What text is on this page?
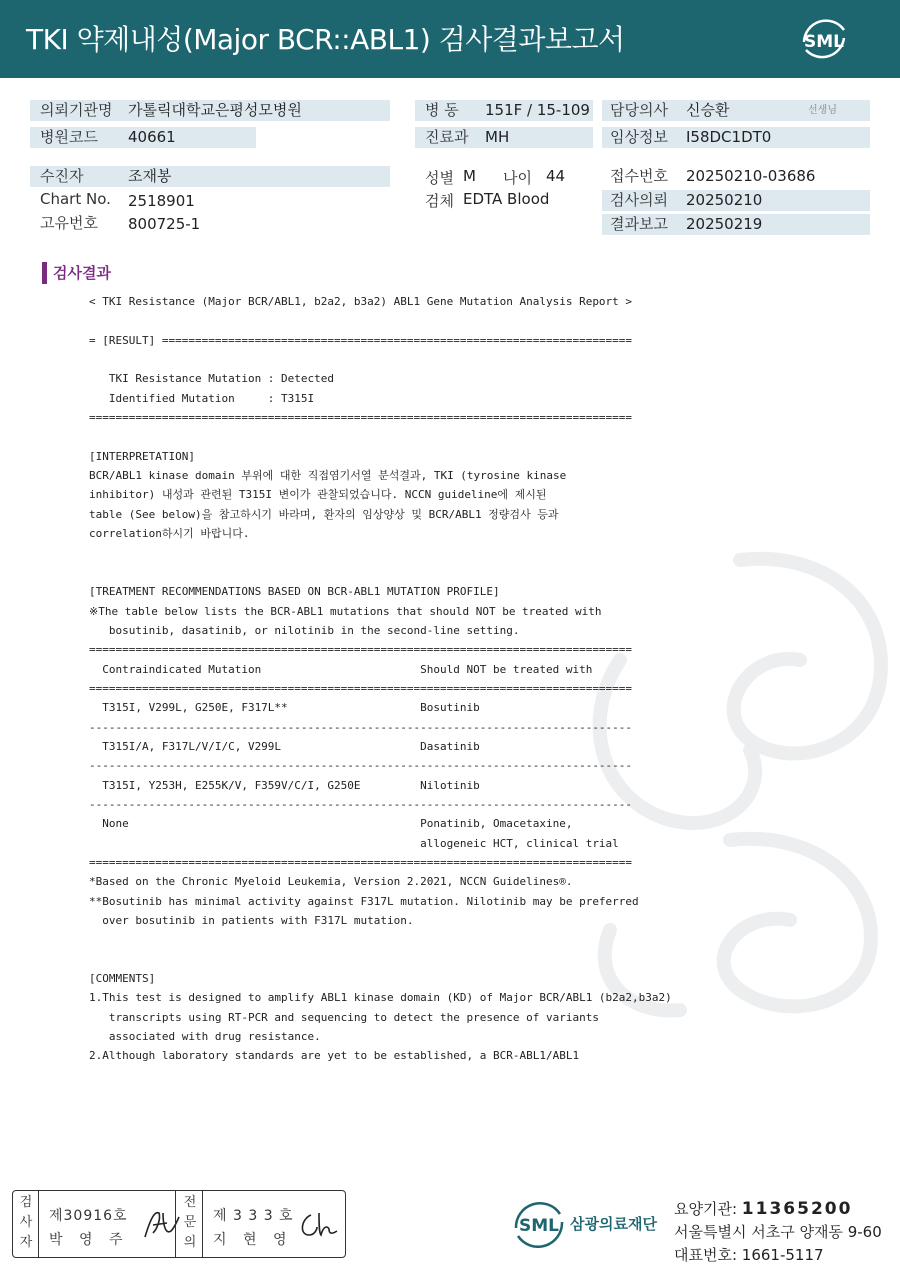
TKI 약제내성(Major BCR::ABL1) 검사결과보고서	SML
의뢰기관명 가톨릭대학교은평성모병원
병원코드 40661
병 동 151F / 15-109
진료과 MH
담당의사 신승환	선생님
임상정보 I58DC1DT0
수진자	조재봉
Chart No. 2518901
고유번호 800725-1
성별 M 나이 44
검체 EDTA Blood
접수번호 20250210-03686
검사의뢰 20250210
결과보고 20250219
검사결과
< TKI Resistance (Major BCR/ABL1, b2a2, b3a2) ABL1 Gene Mutation Analysis Report >

= [RESULT] =======================================================================

TKI Resistance Mutation : Detected
Identified Mutation     : T315I
==================================================================================

[INTERPRETATION]
BCR/ABL1 kinase domain 부위에 대한 직접염기서열 분석결과, TKI (tyrosine kinase
inhibitor) 내성과 관련된 T315I 변이가 관찰되었습니다. NCCN guideline에 제시된
table (See below)을 참고하시기 바라며, 환자의 임상양상 및 BCR/ABL1 정량검사 등과
correlation하시기 바랍니다.

[TREATMENT RECOMMENDATIONS BASED ON BCR-ABL1 MUTATION PROFILE]
※The table below lists the BCR-ABL1 mutations that should NOT be treated with
bosutinib, dasatinib, or nilotinib in the second-line setting.
==================================================================================
Contraindicated Mutation                        Should NOT be treated with
==================================================================================
T315I, V299L, G250E, F317L**                    Bosutinib
----------------------------------------------------------------------------------
T315I/A, F317L/V/I/C, V299L                     Dasatinib
----------------------------------------------------------------------------------
T315I, Y253H, E255K/V, F359V/C/I, G250E         Nilotinib
----------------------------------------------------------------------------------
None                                            Ponatinib, Omacetaxine,
allogeneic HCT, clinical trial
==================================================================================
*Based on the Chronic Myeloid Leukemia, Version 2.2021, NCCN Guidelines®.
**Bosutinib has minimal activity against F317L mutation. Nilotinib may be preferred
over bosutinib in patients with F317L mutation.

[COMMENTS]
1.This test is designed to amplify ABL1 kinase domain (KD) of Major BCR/ABL1 (b2a2,b3a2)
transcripts using RT-PCR and sequencing to detect the presence of variants
associated with drug resistance.
2.Although laboratory standards are yet to be established, a BCR-ABL1/ABL1
검사자
제30916호
박 영 주
전문의
제 3 3 3 호
지 현 영
SML 삼광의료재단
요양기관: 11365200
서울특별시 서초구 양재동 9-60
대표번호: 1661-5117
